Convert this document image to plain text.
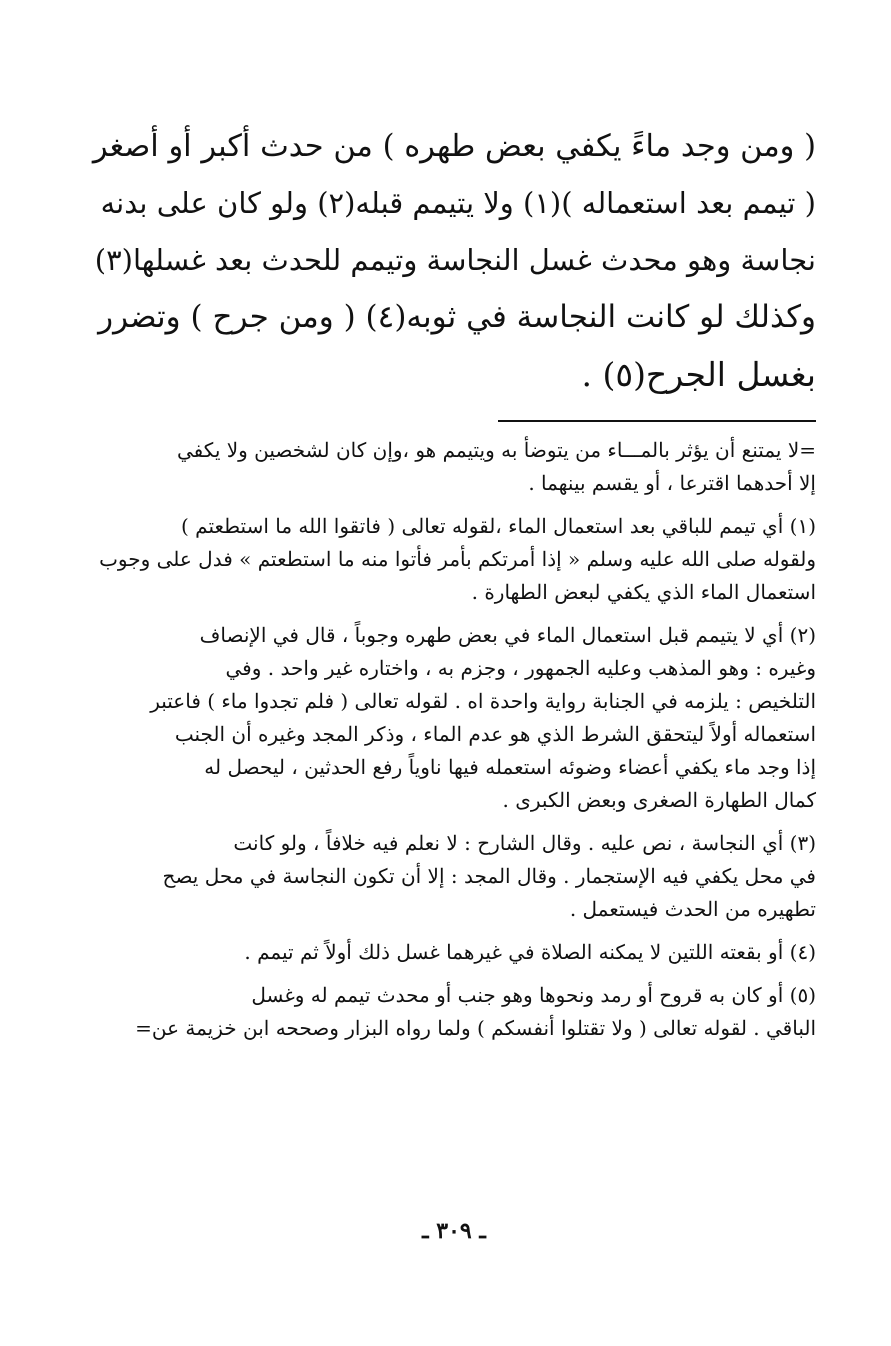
( ومن وجد ماءً يكفي بعض طهره ) من حدث أكبر أو أصغر
( تيمم بعد استعماله )(١) ولا يتيمم قبله(٢) ولو كان على بدنه
نجاسة وهو محدث غسل النجاسة وتيمم للحدث بعد غسلها(٣)
وكذلك لو كانت النجاسة في ثوبه(٤) ( ومن جرح ) وتضرر
بغسل الجرح(٥) .

=لا يمتنع أن يؤثر بالمـــاء من يتوضأ به ويتيمم هو ،وإن كان لشخصين ولا يكفي
إلا أحدهما اقترعا ، أو يقسم بينهما .

(١) أي تيمم للباقي بعد استعمال الماء ،لقوله تعالى ( فاتقوا الله ما استطعتم )
ولقوله صلى الله عليه وسلم « إذا أمرتكم بأمر فأتوا منه ما استطعتم » فدل على وجوب
استعمال الماء الذي يكفي لبعض الطهارة .

(٢) أي لا يتيمم قبل استعمال الماء في بعض طهره وجوباً ، قال في الإنصاف
وغيره : وهو المذهب وعليه الجمهور ، وجزم به ، واختاره غير واحد . وفي
التلخيص : يلزمه في الجنابة رواية واحدة اه . لقوله تعالى ( فلم تجدوا ماء ) فاعتبر
استعماله أولاً ليتحقق الشرط الذي هو عدم الماء ، وذكر المجد وغيره أن الجنب
إذا وجد ماء يكفي أعضاء وضوئه استعمله فيها ناوياً رفع الحدثين ، ليحصل له
كمال الطهارة الصغرى وبعض الكبرى .

(٣) أي النجاسة ، نص عليه . وقال الشارح : لا نعلم فيه خلافاً ، ولو كانت
في محل يكفي فيه الإستجمار . وقال المجد : إلا أن تكون النجاسة في محل يصح
تطهيره من الحدث فيستعمل .

(٤) أو بقعته اللتين لا يمكنه الصلاة في غيرهما غسل ذلك أولاً ثم تيمم .

(٥) أو كان به قروح أو رمد ونحوها وهو جنب أو محدث تيمم له وغسل
الباقي . لقوله تعالى ( ولا تقتلوا أنفسكم ) ولما رواه البزار وصححه ابن خزيمة عن=

ـ ٣٠٩ ـ
